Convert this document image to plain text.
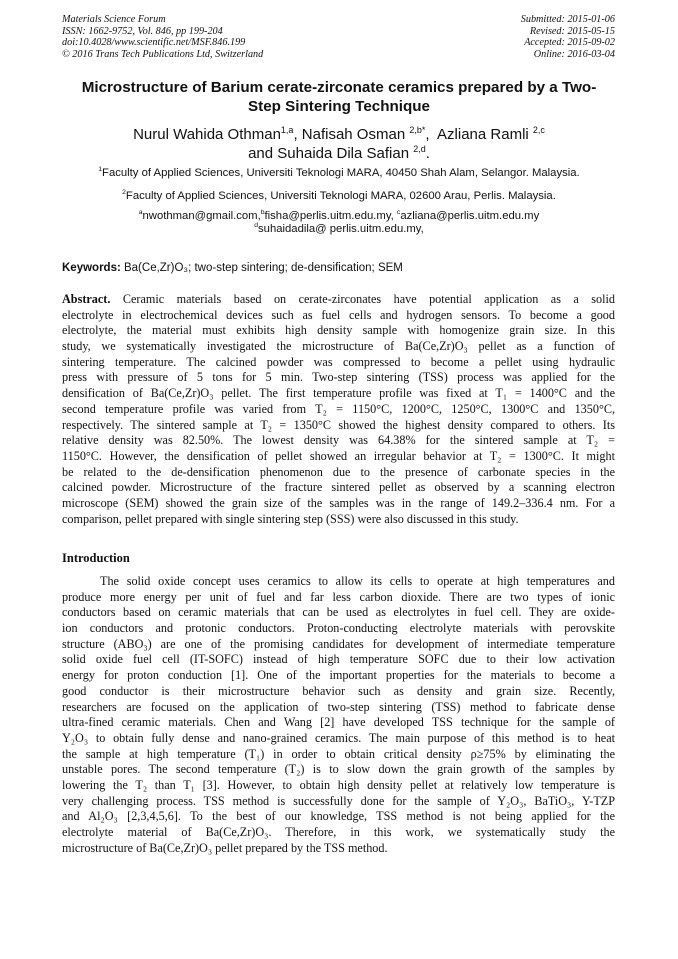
Materials Science Forum
ISSN: 1662-9752, Vol. 846, pp 199-204
doi:10.4028/www.scientific.net/MSF.846.199
© 2016 Trans Tech Publications Ltd, Switzerland
Submitted: 2015-01-06
Revised: 2015-05-15
Accepted: 2015-09-02
Online: 2016-03-04
Microstructure of Barium cerate-zirconate ceramics prepared by a Two-
Step Sintering Technique
Nurul Wahida Othman$^{1,a}$, Nafisah Osman $^{2,b*}$,  Azliana Ramli $^{2,c}$
and Suhaida Dila Safian $^{2,d}$.
$^1$Faculty of Applied Sciences, Universiti Teknologi MARA, 40450 Shah Alam, Selangor. Malaysia.
$^2$Faculty of Applied Sciences, Universiti Teknologi MARA, 02600 Arau, Perlis. Malaysia.
$^a$nwothman@gmail.com,$^b$fisha@perlis.uitm.edu.my, $^c$azliana@perlis.uitm.edu.my
$^d$suhaidadila@ perlis.uitm.edu.my,
Keywords: Ba(Ce,Zr)O₃; two-step sintering; de-densification; SEM
Abstract. Ceramic materials based on cerate-zirconates have potential application as a solid
electrolyte in electrochemical devices such as fuel cells and hydrogen sensors. To become a good
electrolyte, the material must exhibits high density sample with homogenize grain size. In this
study, we systematically investigated the microstructure of Ba(Ce,Zr)O₃ pellet as a function of
sintering temperature. The calcined powder was compressed to become a pellet using hydraulic
press with pressure of 5 tons for 5 min. Two-step sintering (TSS) process was applied for the
densification of Ba(Ce,Zr)O₃ pellet. The first temperature profile was fixed at T₁ = 1400°C and the
second temperature profile was varied from T₂ = 1150°C, 1200°C, 1250°C, 1300°C and 1350°C,
respectively. The sintered sample at T₂ = 1350°C showed the highest density compared to others. Its
relative density was 82.50%. The lowest density was 64.38% for the sintered sample at T₂ =
1150°C. However, the densification of pellet showed an irregular behavior at T₂ = 1300°C. It might
be related to the de-densification phenomenon due to the presence of carbonate species in the
calcined powder. Microstructure of the fracture sintered pellet as observed by a scanning electron
microscope (SEM) showed the grain size of the samples was in the range of 149.2–336.4 nm. For a
comparison, pellet prepared with single sintering step (SSS) were also discussed in this study.
Introduction
The solid oxide concept uses ceramics to allow its cells to operate at high temperatures and
produce more energy per unit of fuel and far less carbon dioxide. There are two types of ionic
conductors based on ceramic materials that can be used as electrolytes in fuel cell. They are oxide-
ion conductors and protonic conductors. Proton-conducting electrolyte materials with perovskite
structure (ABO₃) are one of the promising candidates for development of intermediate temperature
solid oxide fuel cell (IT-SOFC) instead of high temperature SOFC due to their low activation
energy for proton conduction [1]. One of the important properties for the materials to become a
good conductor is their microstructure behavior such as density and grain size. Recently,
researchers are focused on the application of two-step sintering (TSS) method to fabricate dense
ultra-fined ceramic materials. Chen and Wang [2] have developed TSS technique for the sample of
Y₂O₃ to obtain fully dense and nano-grained ceramics. The main purpose of this method is to heat
the sample at high temperature (T₁) in order to obtain critical density ρ≥75% by eliminating the
unstable pores. The second temperature (T₂) is to slow down the grain growth of the samples by
lowering the T₂ than T₁ [3]. However, to obtain high density pellet at relatively low temperature is
very challenging process. TSS method is successfully done for the sample of Y₂O₃, BaTiO₃, Y-TZP
and Al₂O₃ [2,3,4,5,6]. To the best of our knowledge, TSS method is not being applied for the
electrolyte material of Ba(Ce,Zr)O₃. Therefore, in this work, we systematically study the
microstructure of Ba(Ce,Zr)O₃ pellet prepared by the TSS method.
